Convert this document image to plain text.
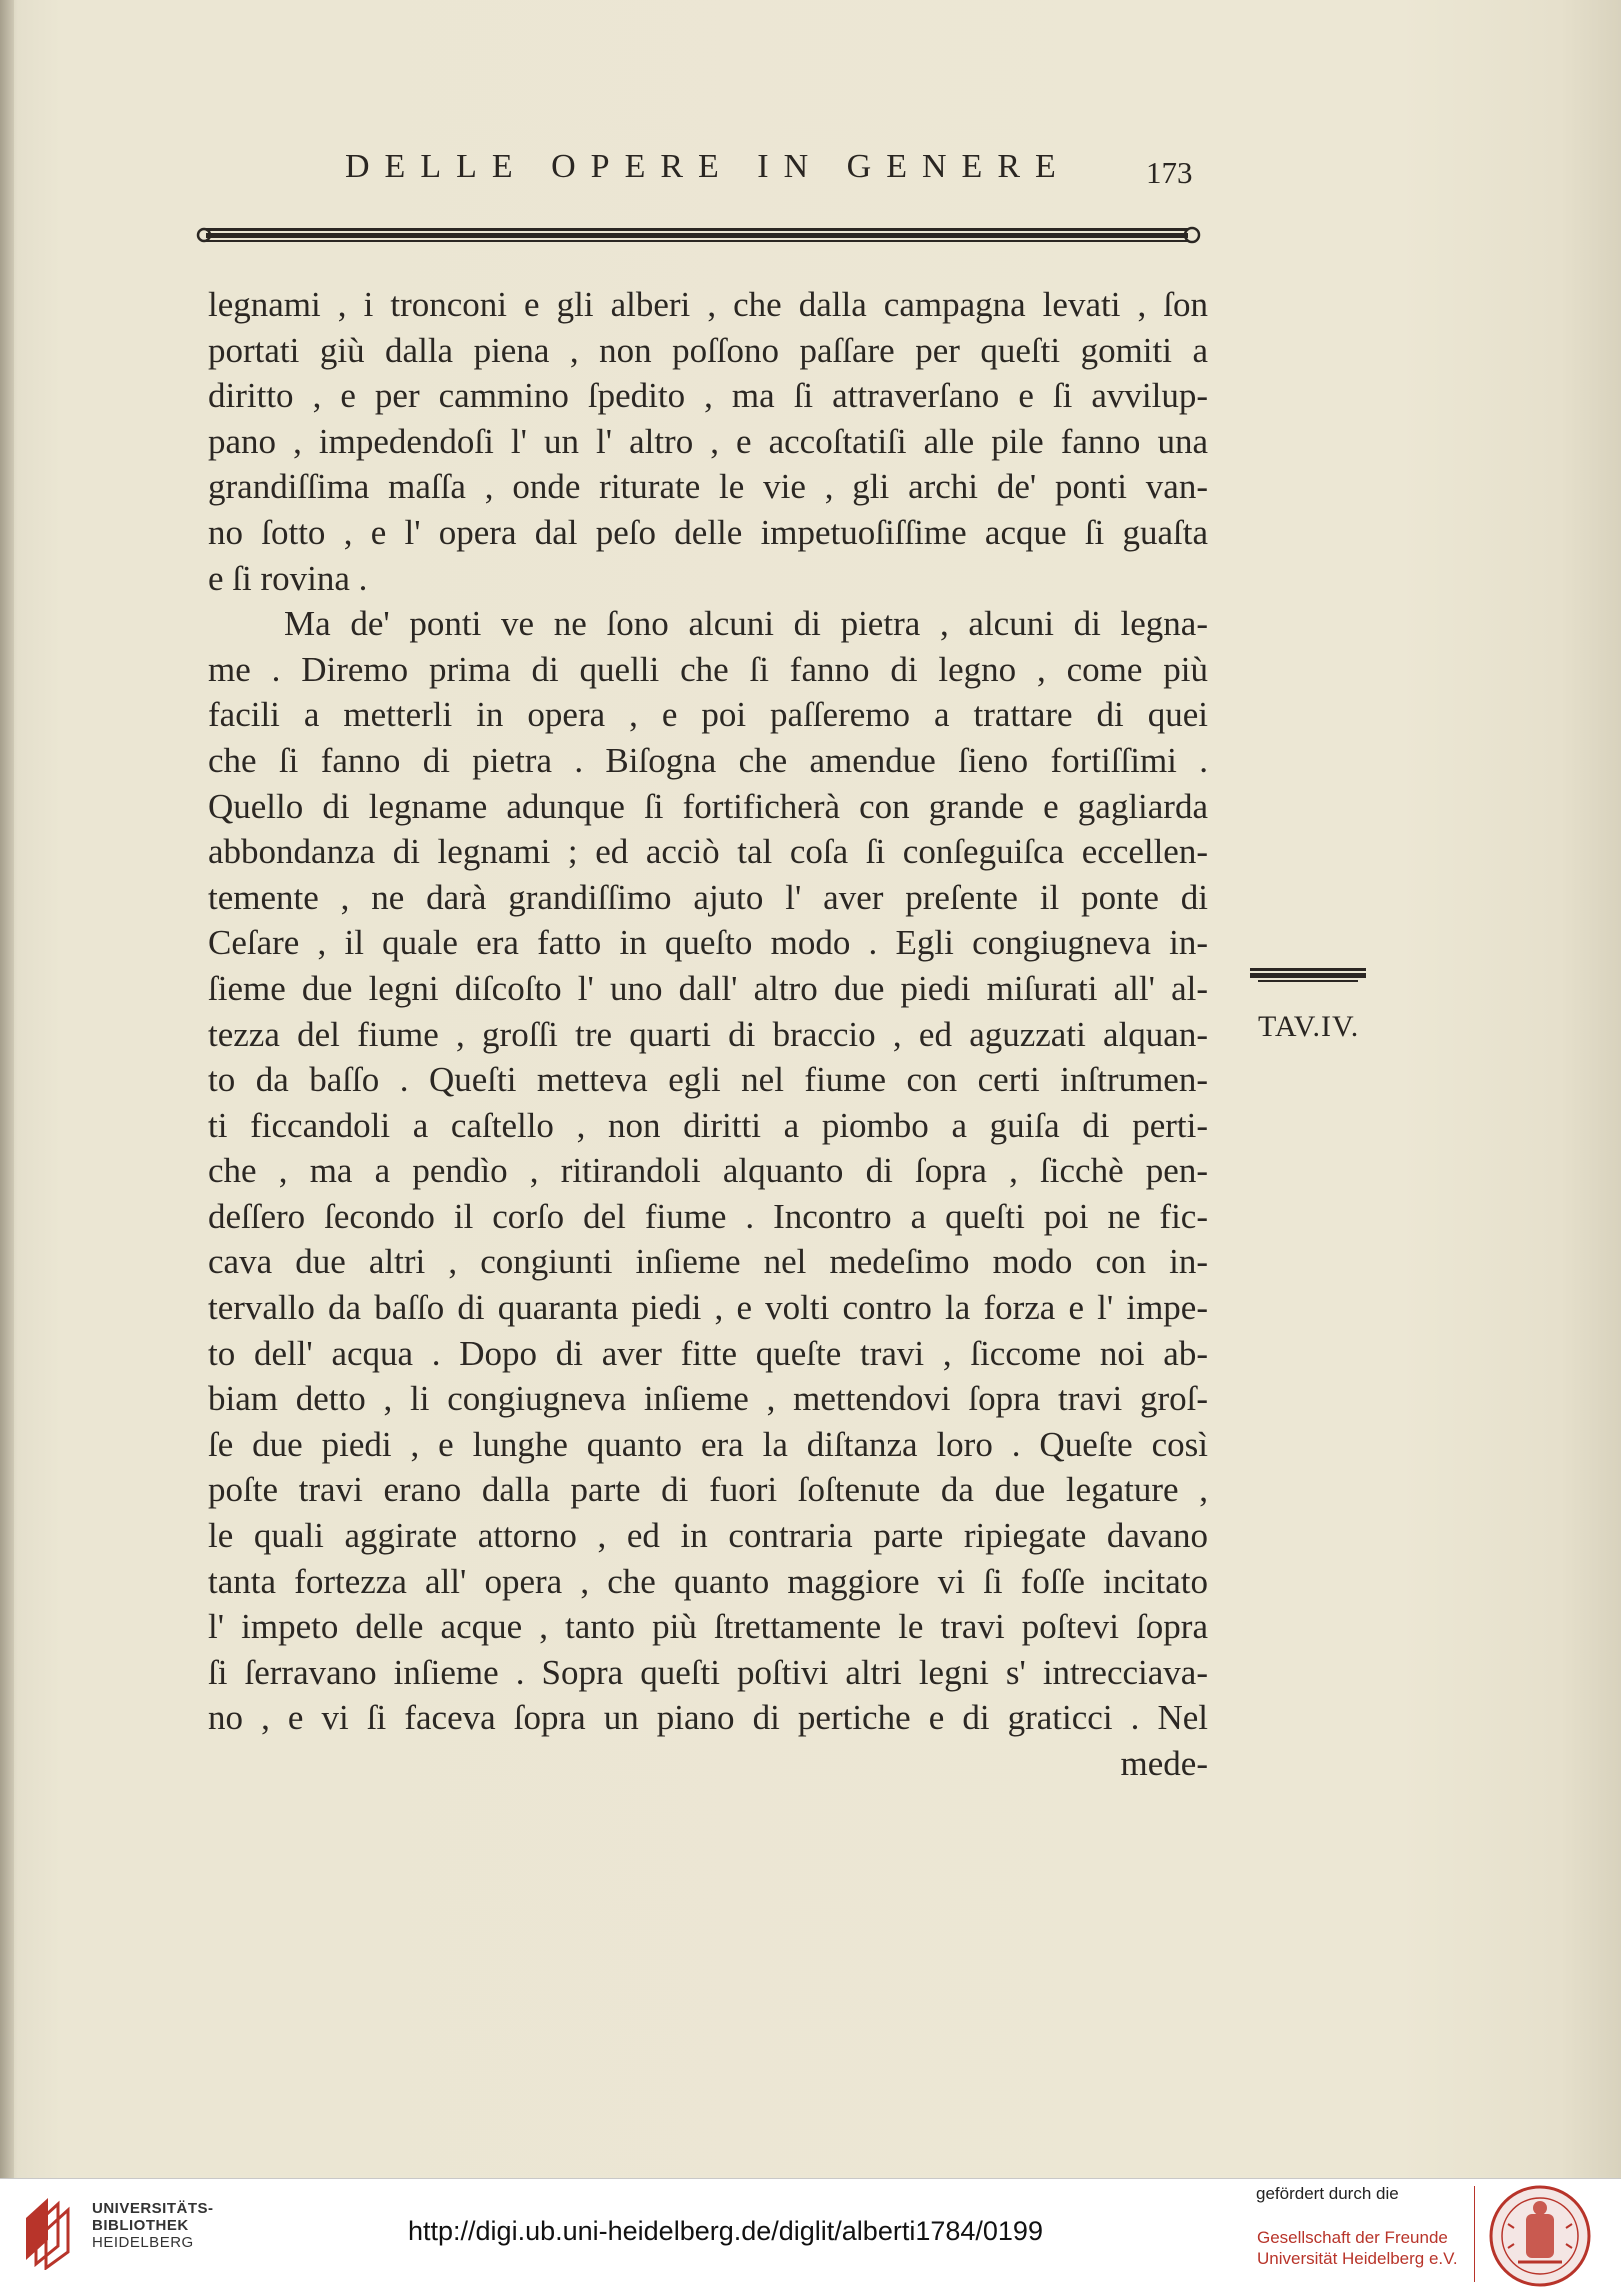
DELLE OPERE IN GENERE 173
legnami , i tronconi e gli alberi , che dalla campagna levati , ſon
portati giù dalla piena , non poſſono paſſare per queſti gomiti a
diritto , e per cammino ſpedito , ma ſi attraverſano e ſi avvilup-
pano , impedendoſi l' un l' altro , e accoſtatiſi alle pile fanno una
grandiſſima maſſa , onde riturate le vie , gli archi de' ponti van-
no ſotto , e l' opera dal peſo delle impetuoſiſſime acque ſi guaſta
e ſi rovina .
Ma de' ponti ve ne ſono alcuni di pietra , alcuni di legna-
me . Diremo prima di quelli che ſi fanno di legno , come più
facili a metterli in opera , e poi paſſeremo a trattare di quei
che ſi fanno di pietra . Biſogna che amendue ſieno fortiſſimi .
Quello di legname adunque ſi fortificherà con grande e gagliarda
abbondanza di legnami ; ed acciò tal coſa ſi conſeguiſca eccellen-
temente , ne darà grandiſſimo ajuto l' aver preſente il ponte di
Ceſare , il quale era fatto in queſto modo . Egli congiugneva in-
ſieme due legni diſcoſto l' uno dall' altro due piedi miſurati all' al-
tezza del fiume , groſſi tre quarti di braccio , ed aguzzati alquan-
to da baſſo . Queſti metteva egli nel fiume con certi inſtrumen-
ti ficcandoli a caſtello , non diritti a piombo a guiſa di perti-
che , ma a pendìo , ritirandoli alquanto di ſopra , ſicchè pen-
deſſero ſecondo il corſo del fiume . Incontro a queſti poi ne fic-
cava due altri , congiunti inſieme nel medeſimo modo con in-
tervallo da baſſo di quaranta piedi , e volti contro la forza e l' impe-
to dell' acqua . Dopo di aver fitte queſte travi , ſiccome noi ab-
biam detto , li congiugneva inſieme , mettendovi ſopra travi groſ-
ſe due piedi , e lunghe quanto era la diſtanza loro . Queſte così
poſte travi erano dalla parte di fuori ſoſtenute da due legature ,
le quali aggirate attorno , ed in contraria parte ripiegate davano
tanta fortezza all' opera , che quanto maggiore vi ſi foſſe incitato
l' impeto delle acque , tanto più ſtrettamente le travi poſtevi ſopra
ſi ſerravano inſieme . Sopra queſti poſtivi altri legni s' intrecciava-
no , e vi ſi faceva ſopra un piano di pertiche e di graticci . Nel
mede-
TAV.IV.
UNIVERSITÄTS-
BIBLIOTHEK
HEIDELBERG	http://digi.ub.uni-heidelberg.de/diglit/alberti1784/0199
gefördert durch die
Gesellschaft der Freunde
Universität Heidelberg e.V.
